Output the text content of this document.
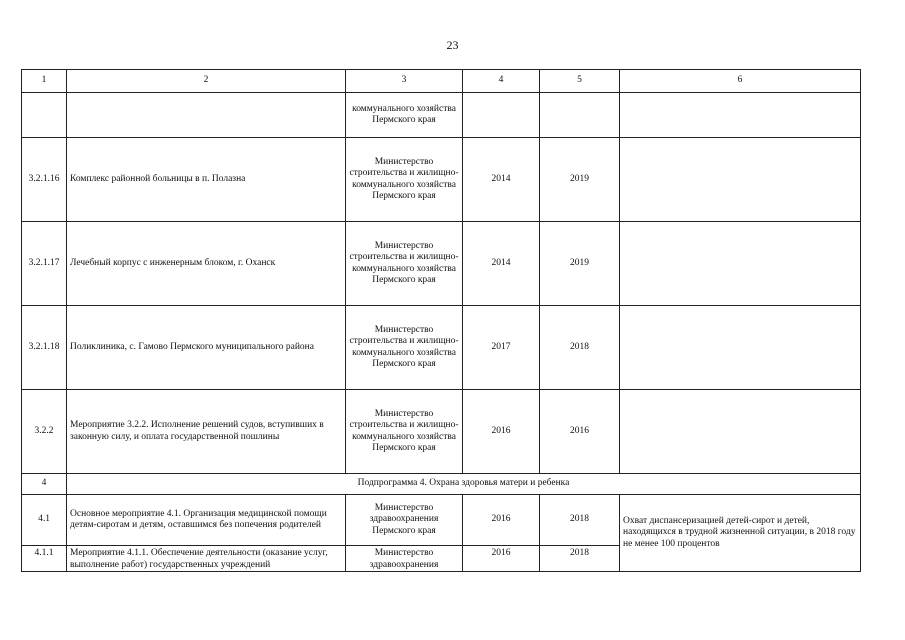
23
1	2	3	4	5	6
		коммунального хозяйства Пермского края			
3.2.1.16	Комплекс районной больницы в п. Полазна	Министерство строительства и жилищно-коммунального хозяйства Пермского края	2014	2019	
3.2.1.17	Лечебный корпус с инженерным блоком, г. Оханск	Министерство строительства и жилищно-коммунального хозяйства Пермского края	2014	2019	
3.2.1.18	Поликлиника, с. Гамово Пермского муниципального района	Министерство строительства и жилищно-коммунального хозяйства Пермского края	2017	2018	
3.2.2	Мероприятие 3.2.2. Исполнение решений судов, вступивших в законную силу, и оплата государственной пошлины	Министерство строительства и жилищно-коммунального хозяйства Пермского края	2016	2016	
4	Подпрограмма 4. Охрана здоровья матери и ребенка				
4.1	Основное мероприятие 4.1. Организация медицинской помощи детям-сиротам и детям, оставшимся без попечения родителей	Министерство здравоохранения Пермского края	2016	2018	Охват диспансеризацией детей-сирот и детей, находящихся в трудной жизненной ситуации, в 2018 году не менее 100 процентов
4.1.1	Мероприятие 4.1.1. Обеспечение деятельности (оказание услуг, выполнение работ) государственных учреждений	Министерство здравоохранения	2016	2018	
